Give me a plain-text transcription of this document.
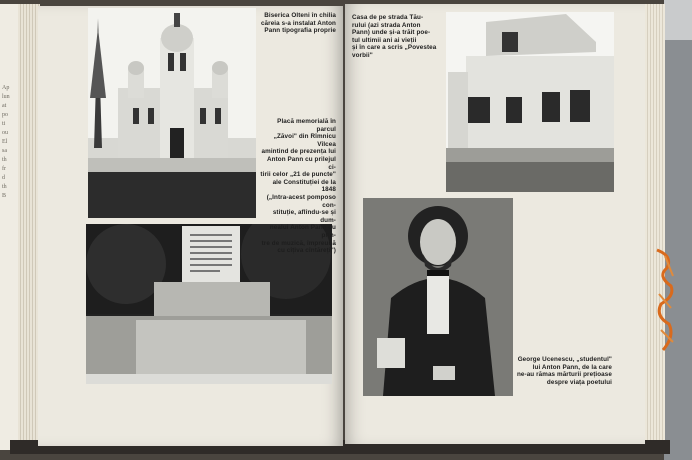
Ap
lun
at
po
ti
ou
El
sa
th
fr
d
th
B
Biserica Olteni în chilia
căreia s-a instalat Anton
Pann tipografia proprie
Placă memorială în parcul
„Zăvoi" din Rîmnicu Vîlcea
amintind de prezența lui
Anton Pann cu prilejul ci-
tirii celor „21 de puncte"
ale Constituției de la 1848
(„Intra-acest pomposo con-
stituție, aflîndu-se și dum-
nealui Anton Pann cu prin-
tre de muzică, împreună
cu cîțiva cîntăreți")
Casa de pe strada Tău-
rului (azi strada Anton
Pann) unde și-a trăit poe-
tul ultimii ani ai vieții
și în care a scris „Povestea
vorbii"
George Ucenescu, „studentul"
lui Anton Pann, de la care
ne-au rămas mărturii prețioase
despre viața poetului
